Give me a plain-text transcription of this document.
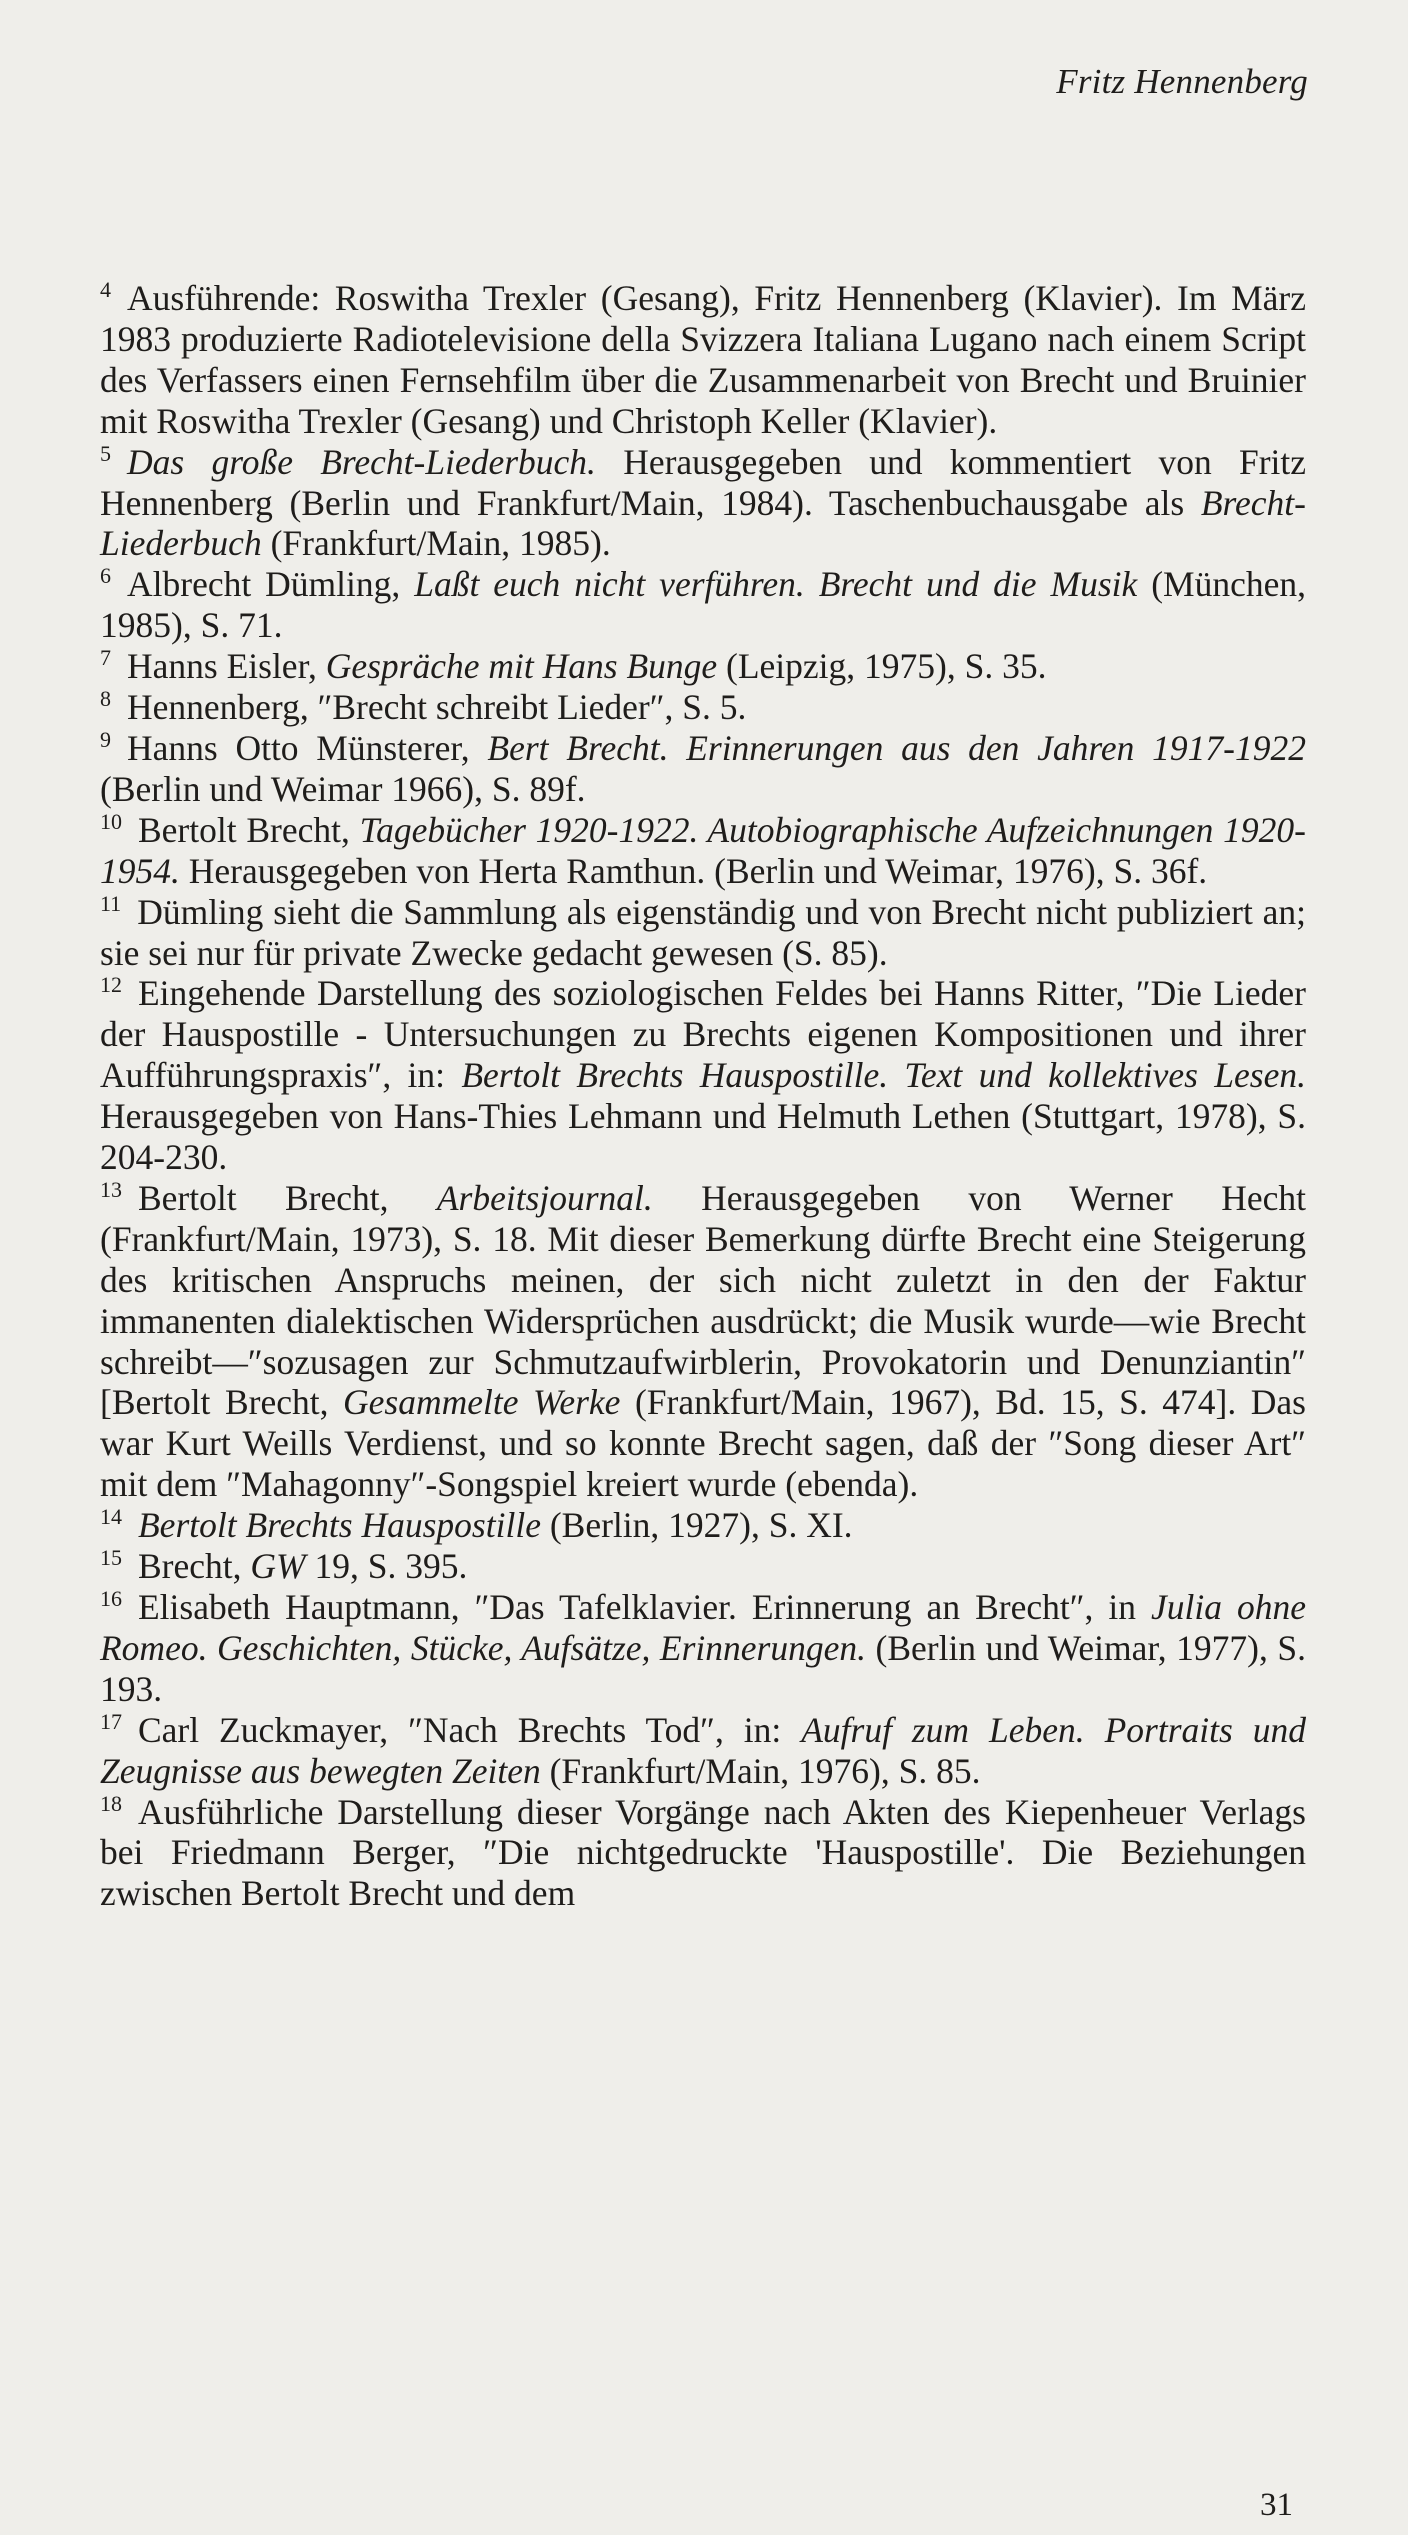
Fritz Hennenberg

$^4$ Ausführende: Roswitha Trexler (Gesang), Fritz Hennenberg (Klavier). Im März 1983 produzierte Radiotelevisione della Svizzera Italiana Lugano nach einem Script des Verfassers einen Fernsehfilm über die Zusammenarbeit von Brecht und Bruinier mit Roswitha Trexler (Gesang) und Christoph Keller (Klavier).

$^5$ Das große Brecht-Liederbuch. Herausgegeben und kommentiert von Fritz Hennenberg (Berlin und Frankfurt/Main, 1984). Taschenbuchausgabe als Brecht-Liederbuch (Frankfurt/Main, 1985).

$^6$ Albrecht Dümling, Laßt euch nicht verführen. Brecht und die Musik (München, 1985), S. 71.

$^7$ Hanns Eisler, Gespräche mit Hans Bunge (Leipzig, 1975), S. 35.

$^8$ Hennenberg, ″Brecht schreibt Lieder″, S. 5.

$^9$ Hanns Otto Münsterer, Bert Brecht. Erinnerungen aus den Jahren 1917-1922 (Berlin und Weimar 1966), S. 89f.

$^{10}$ Bertolt Brecht, Tagebücher 1920-1922. Autobiographische Aufzeichnungen 1920-1954. Herausgegeben von Herta Ramthun. (Berlin und Weimar, 1976), S. 36f.

$^{11}$ Dümling sieht die Sammlung als eigenständig und von Brecht nicht publiziert an; sie sei nur für private Zwecke gedacht gewesen (S. 85).

$^{12}$ Eingehende Darstellung des soziologischen Feldes bei Hanns Ritter, ″Die Lieder der Hauspostille - Untersuchungen zu Brechts eigenen Kompositionen und ihrer Aufführungspraxis″, in: Bertolt Brechts Hauspostille. Text und kollektives Lesen. Herausgegeben von Hans-Thies Lehmann und Helmuth Lethen (Stuttgart, 1978), S. 204-230.

$^{13}$ Bertolt Brecht, Arbeitsjournal. Herausgegeben von Werner Hecht (Frankfurt/Main, 1973), S. 18. Mit dieser Bemerkung dürfte Brecht eine Steigerung des kritischen Anspruchs meinen, der sich nicht zuletzt in den der Faktur immanenten dialektischen Widersprüchen ausdrückt; die Musik wurde—wie Brecht schreibt—″sozusagen zur Schmutzaufwirblerin, Provokatorin und Denunziantin″ [Bertolt Brecht, Gesammelte Werke (Frankfurt/Main, 1967), Bd. 15, S. 474]. Das war Kurt Weills Verdienst, und so konnte Brecht sagen, daß der ″Song dieser Art″ mit dem ″Mahagonny″-Songspiel kreiert wurde (ebenda).

$^{14}$ Bertolt Brechts Hauspostille (Berlin, 1927), S. XI.

$^{15}$ Brecht, GW 19, S. 395.

$^{16}$ Elisabeth Hauptmann, ″Das Tafelklavier. Erinnerung an Brecht″, in Julia ohne Romeo. Geschichten, Stücke, Aufsätze, Erinnerungen. (Berlin und Weimar, 1977), S. 193.

$^{17}$ Carl Zuckmayer, ″Nach Brechts Tod″, in: Aufruf zum Leben. Portraits und Zeugnisse aus bewegten Zeiten (Frankfurt/Main, 1976), S. 85.

$^{18}$ Ausführliche Darstellung dieser Vorgänge nach Akten des Kiepenheuer Verlags bei Friedmann Berger, ″Die nichtgedruckte 'Hauspostille'. Die Beziehungen zwischen Bertolt Brecht und dem

31
